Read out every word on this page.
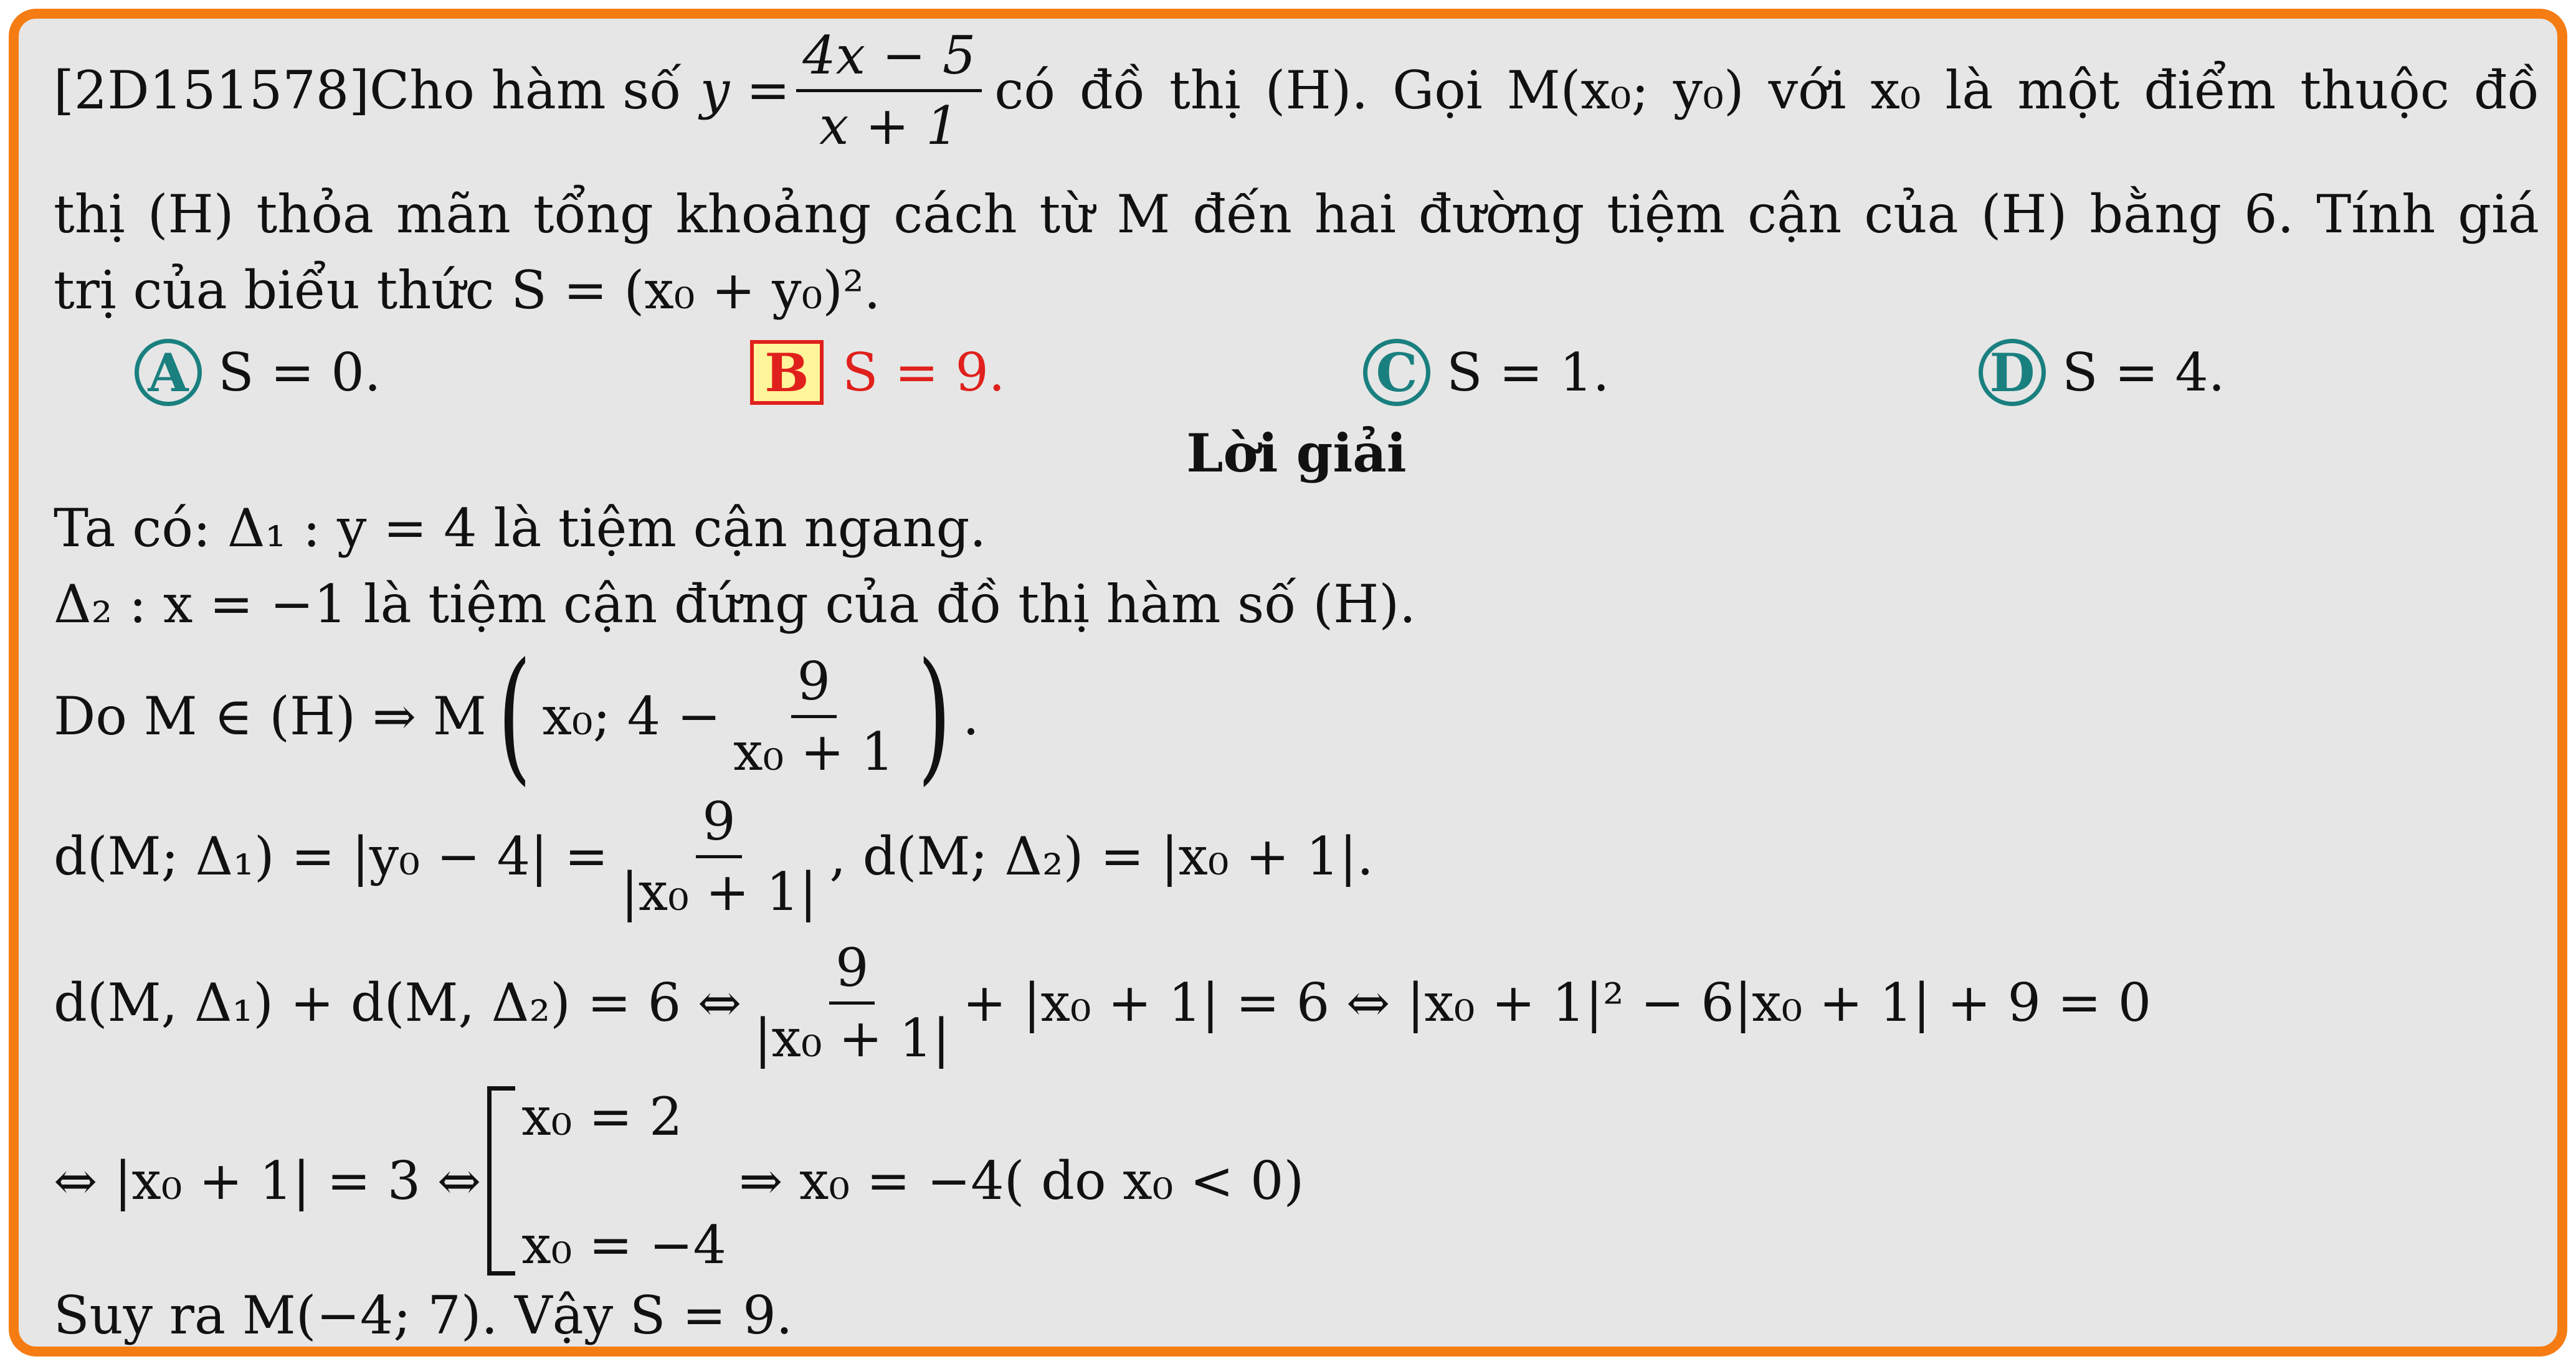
[2D151578] Cho hàm số $y = \frac{4x - 5}{x + 1}$ có đồ thị (H). Gọi M(x₀; y₀) với x₀ là một điểm thuộc đồ
thị (H) thỏa mãn tổng khoảng cách từ M đến hai đường tiệm cận của (H) bằng 6. Tính giá
trị của biểu thức S = (x₀ + y₀)².
A S = 0.	B S = 9.	C S = 1.	D S = 4.
Lời giải
Ta có: Δ₁ : y = 4 là tiệm cận ngang.
Δ₂ : x = −1 là tiệm cận đứng của đồ thị hàm số (H).
Do M ∈ (H) ⇒ M ( x₀; $4 - \frac{9}{\text{x₀ + 1}}$ ) .
d(M; $\Delta_1) = |y_0 - 4| = \frac{9}{\text{|x₀ + 1|}}$ , d(M; Δ₂) = |x₀ + 1|.
d(M, Δ₁) + d(M, Δ₂) = 6 ⇔ $\frac{9}{\text{|x₀ + 1|}} + |x_0 + 1| = 6$ ⇔ |x₀ + 1|² − 6|x₀ + 1| + 9 = 0
⇔ |x₀ + 1| = 3 ⇔
x₀ = 2
x₀ = −4
⇒ x₀ = −4( do x₀ < 0)
Suy ra M(−4; 7). Vậy S = 9.
